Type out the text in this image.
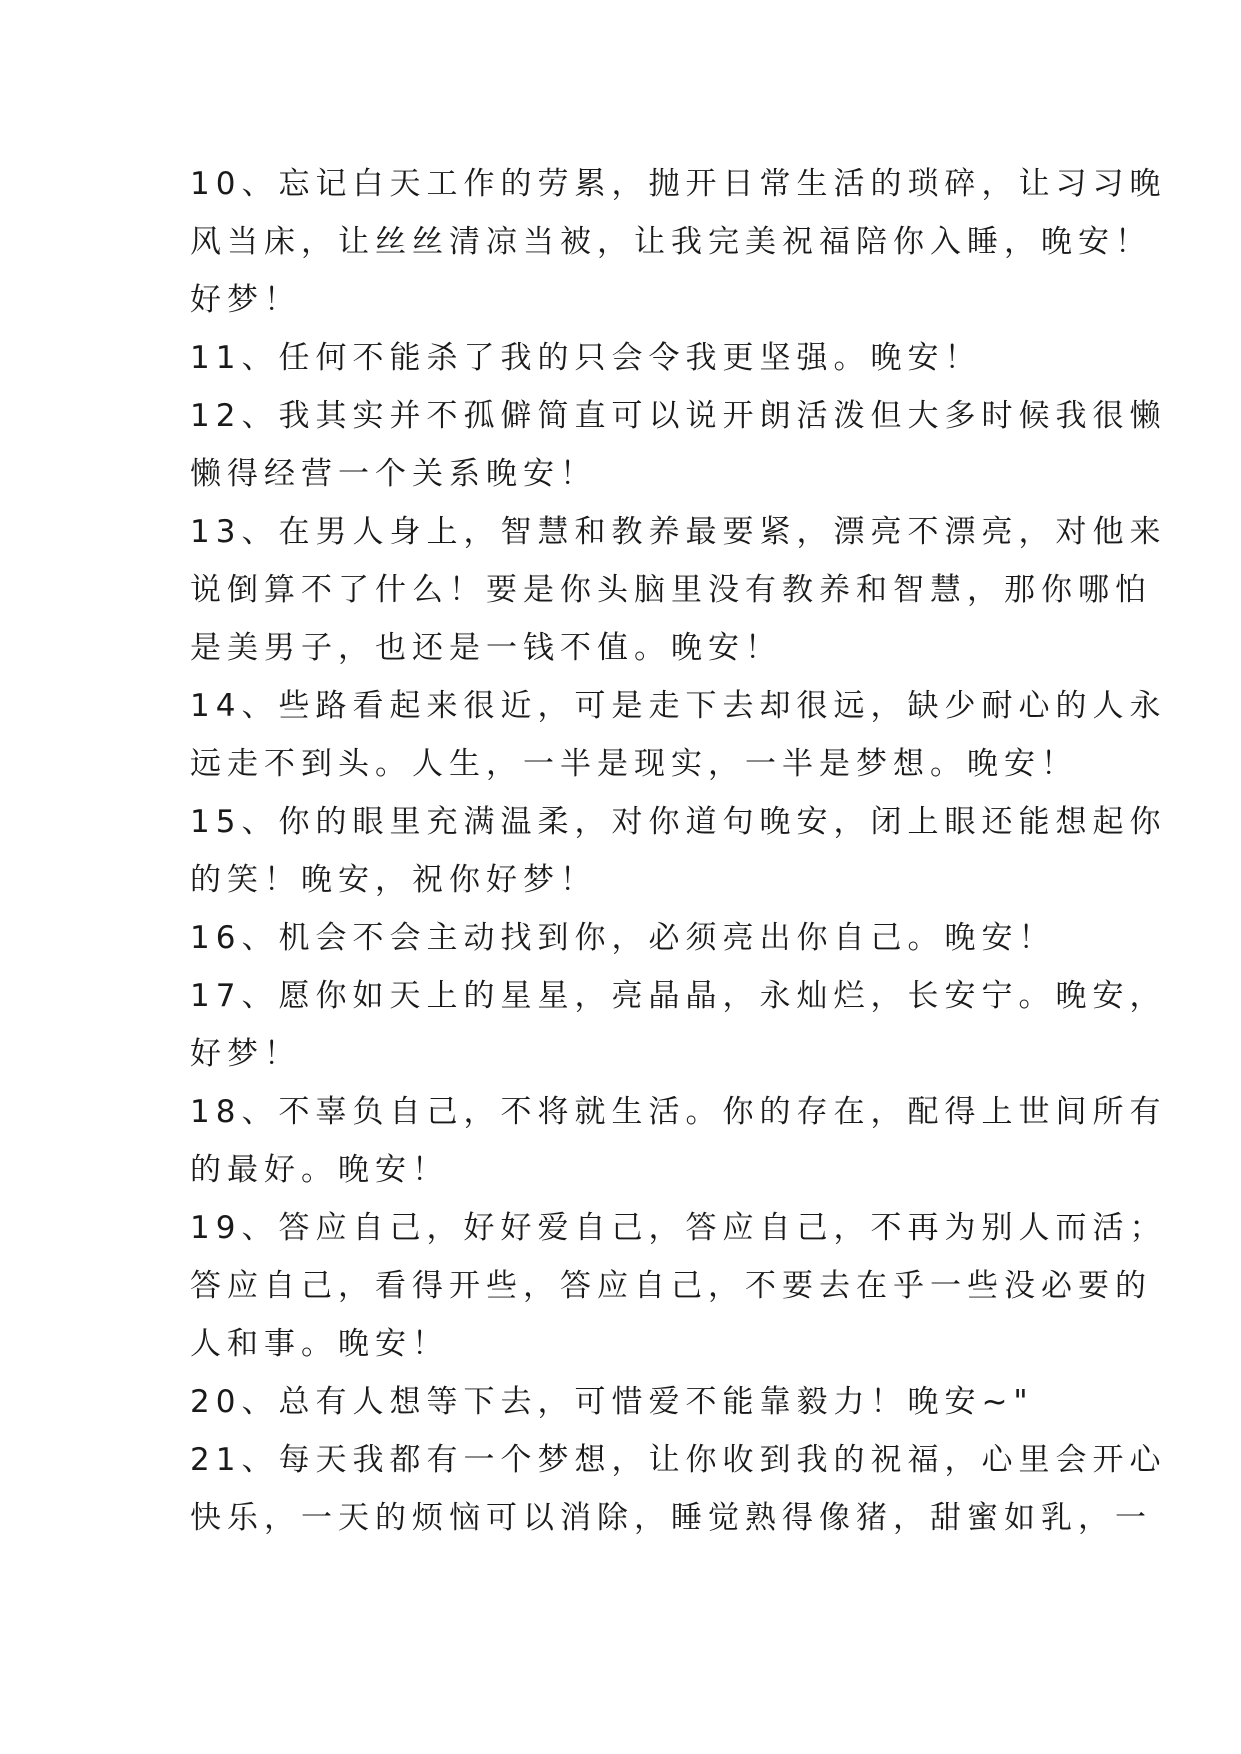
10、忘记白天工作的劳累，抛开日常生活的琐碎，让习习晚
风当床，让丝丝清凉当被，让我完美祝福陪你入睡，晚安！
好梦！
11、任何不能杀了我的只会令我更坚强。晚安！
12、我其实并不孤僻简直可以说开朗活泼但大多时候我很懒
懒得经营一个关系晚安！
13、在男人身上，智慧和教养最要紧，漂亮不漂亮，对他来
说倒算不了什么！要是你头脑里没有教养和智慧，那你哪怕
是美男子，也还是一钱不值。晚安！
14、些路看起来很近，可是走下去却很远，缺少耐心的人永
远走不到头。人生，一半是现实，一半是梦想。晚安！
15、你的眼里充满温柔，对你道句晚安，闭上眼还能想起你
的笑！晚安，祝你好梦！
16、机会不会主动找到你，必须亮出你自己。晚安！
17、愿你如天上的星星，亮晶晶，永灿烂，长安宁。晚安，
好梦！
18、不辜负自己，不将就生活。你的存在，配得上世间所有
的最好。晚安！
19、答应自己，好好爱自己，答应自己，不再为别人而活；
答应自己，看得开些，答应自己，不要去在乎一些没必要的
人和事。晚安！
20、总有人想等下去，可惜爱不能靠毅力！晚安~"
21、每天我都有一个梦想，让你收到我的祝福，心里会开心
快乐，一天的烦恼可以消除，睡觉熟得像猪，甜蜜如乳，一
